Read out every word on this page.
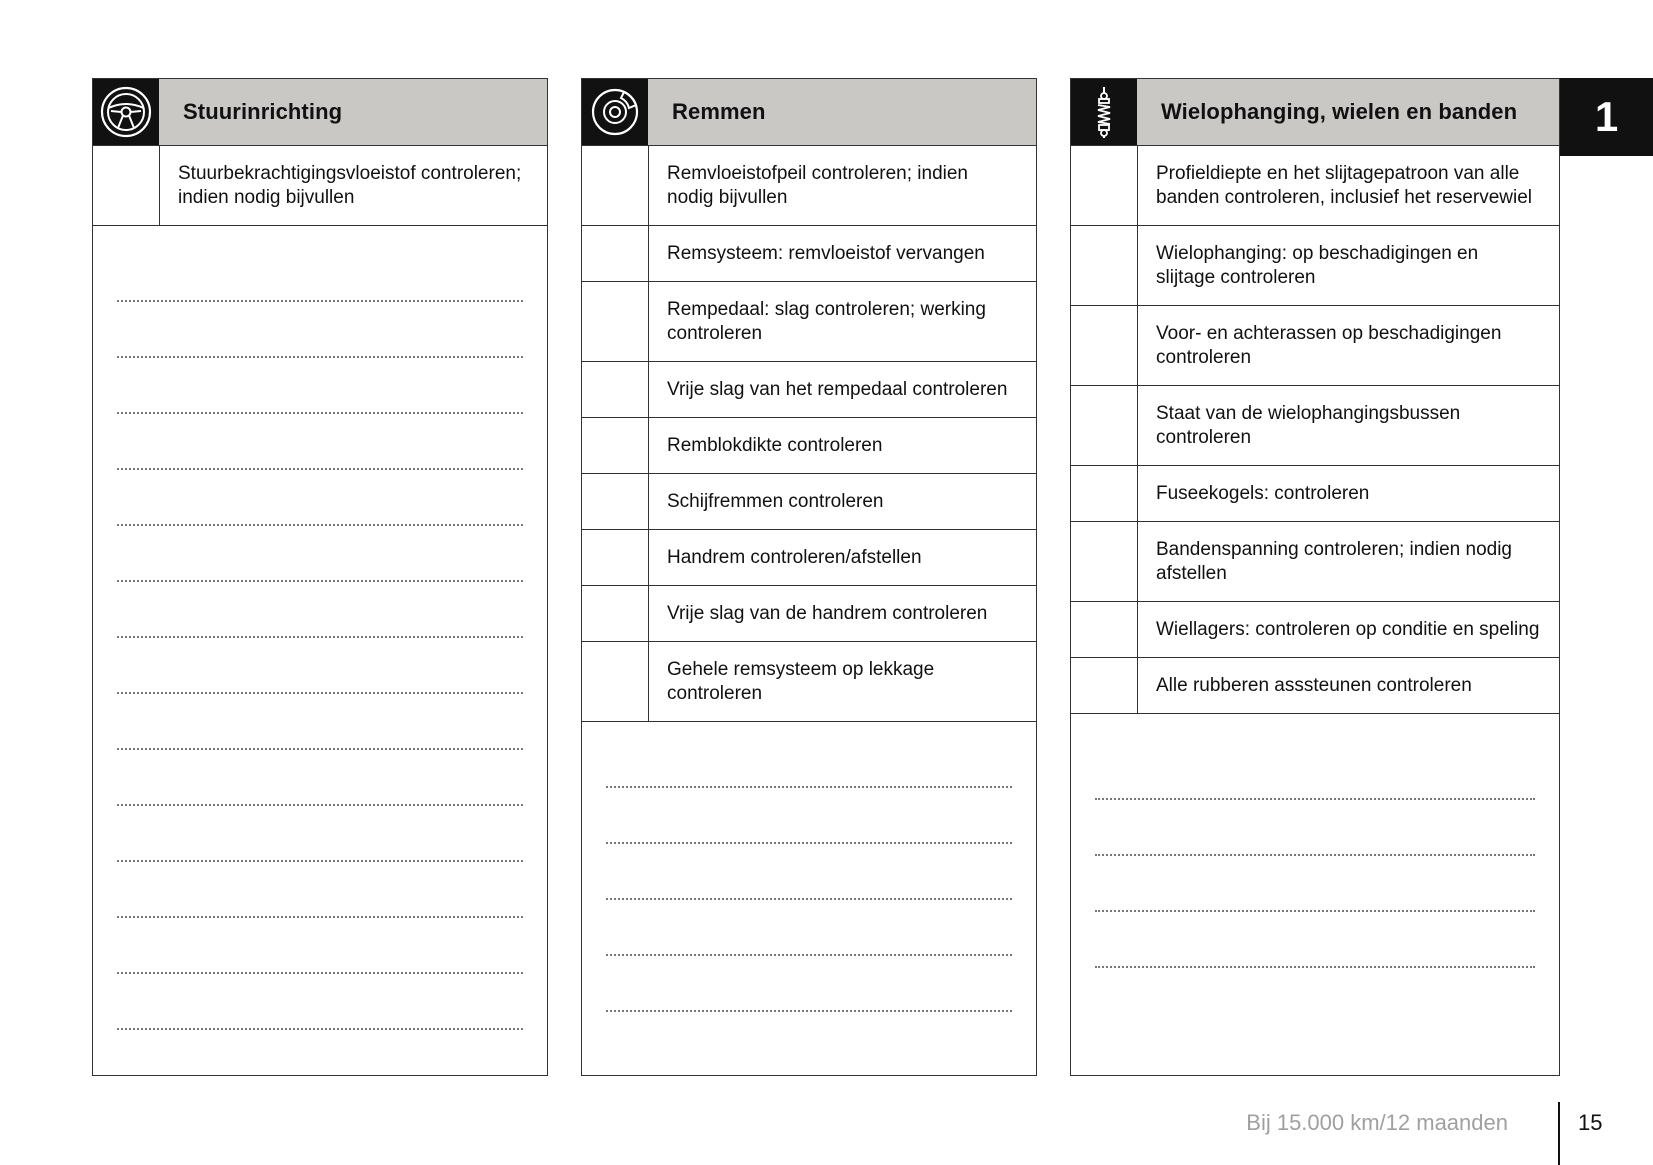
Stuurinrichting
Stuurbekrachtigingsvloeistof controleren; indien nodig bijvullen
Remmen
Remvloeistofpeil controleren; indien nodig bijvullen
Remsysteem: remvloeistof vervangen
Rempedaal: slag controleren; werking controleren
Vrije slag van het rempedaal controleren
Remblokdikte controleren
Schijfremmen controleren
Handrem controleren/afstellen
Vrije slag van de handrem controleren
Gehele remsysteem op lekkage controleren
Wielophanging, wielen en banden
Profieldiepte en het slijtagepatroon van alle banden controleren, inclusief het reservewiel
Wielophanging: op beschadigingen en slijtage controleren
Voor- en achterassen op beschadigingen controleren
Staat van de wielophangingsbussen controleren
Fuseekogels: controleren
Bandenspanning controleren; indien nodig afstellen
Wiellagers: controleren op conditie en speling
Alle rubberen asssteunen controleren
1
Bij 15.000 km/12 maanden	15
